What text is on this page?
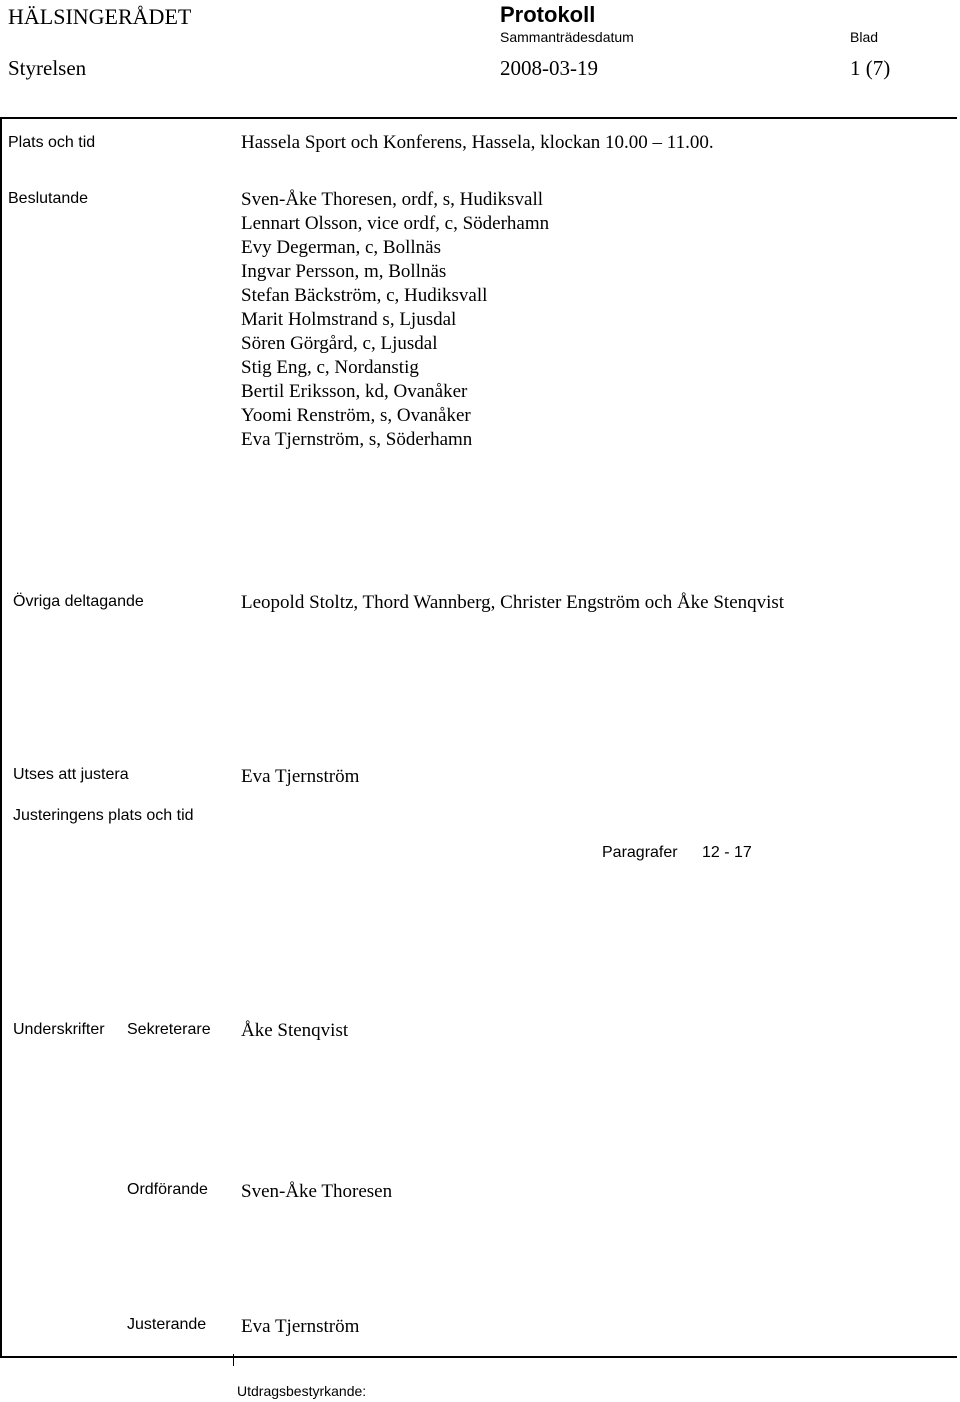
HÄLSINGERÅDET	Protokoll
Sammanträdesdatum	Blad
Styrelsen	2008-03-19	1 (7)
Plats och tid	Hassela Sport och Konferens, Hassela, klockan 10.00 – 11.00.
Beslutande	Sven-Åke Thoresen, ordf, s, Hudiksvall
Lennart Olsson, vice ordf, c, Söderhamn
Evy Degerman, c, Bollnäs
Ingvar Persson, m, Bollnäs
Stefan Bäckström, c, Hudiksvall
Marit Holmstrand s, Ljusdal
Sören Görgård, c, Ljusdal
Stig Eng, c, Nordanstig
Bertil Eriksson, kd, Ovanåker
Yoomi Renström, s, Ovanåker
Eva Tjernström, s, Söderhamn
Övriga deltagande	Leopold Stoltz, Thord Wannberg, Christer Engström och Åke Stenqvist
Utses att justera	Eva Tjernström
Justeringens plats och tid
Paragrafer 12 - 17
Underskrifter Sekreterare Åke Stenqvist
Ordförande Sven-Åke Thoresen
Justerande Eva Tjernström
Utdragsbestyrkande:
